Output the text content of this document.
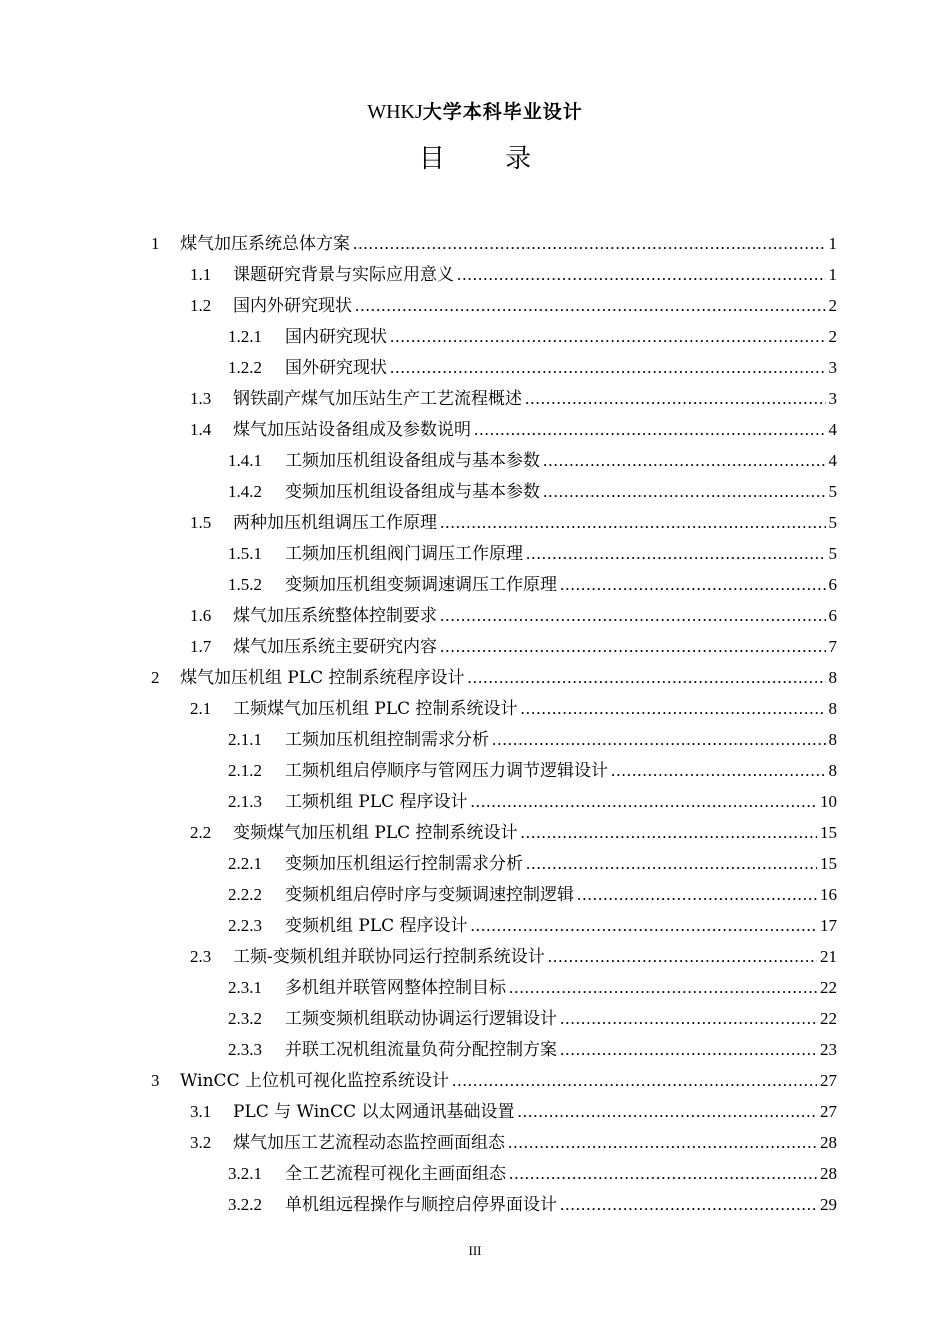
WHKJ大学本科毕业设计
目 录
1	煤气加压系统总体方案 .....	1
1.1	课题研究背景与实际应用意义 .....	1
1.2	国内外研究现状 .....	2
1.2.1	国内研究现状 .....	2
1.2.2	国外研究现状 .....	3
1.3	钢铁副产煤气加压站生产工艺流程概述 .....	3
1.4	煤气加压站设备组成及参数说明 .....	4
1.4.1	工频加压机组设备组成与基本参数 .....	4
1.4.2	变频加压机组设备组成与基本参数 .....	5
1.5	两种加压机组调压工作原理 .....	5
1.5.1	工频加压机组阀门调压工作原理 .....	5
1.5.2	变频加压机组变频调速调压工作原理 .....	6
1.6	煤气加压系统整体控制要求 .....	6
1.7	煤气加压系统主要研究内容 .....	7
2	煤气加压机组 PLC 控制系统程序设计 .....	8
2.1	工频煤气加压机组 PLC 控制系统设计 .....	8
2.1.1	工频加压机组控制需求分析 .....	8
2.1.2	工频机组启停顺序与管网压力调节逻辑设计 .....	8
2.1.3	工频机组 PLC 程序设计 .....	10
2.2	变频煤气加压机组 PLC 控制系统设计 .....	15
2.2.1	变频加压机组运行控制需求分析 .....	15
2.2.2	变频机组启停时序与变频调速控制逻辑 .....	16
2.2.3	变频机组 PLC 程序设计 .....	17
2.3	工频-变频机组并联协同运行控制系统设计 .....	21
2.3.1	多机组并联管网整体控制目标 .....	22
2.3.2	工频变频机组联动协调运行逻辑设计 .....	22
2.3.3	并联工况机组流量负荷分配控制方案 .....	23
3	WinCC 上位机可视化监控系统设计 .....	27
3.1	PLC 与 WinCC 以太网通讯基础设置 .....	27
3.2	煤气加压工艺流程动态监控画面组态 .....	28
3.2.1	全工艺流程可视化主画面组态 .....	28
3.2.2	单机组远程操作与顺控启停界面设计 .....	29
III
